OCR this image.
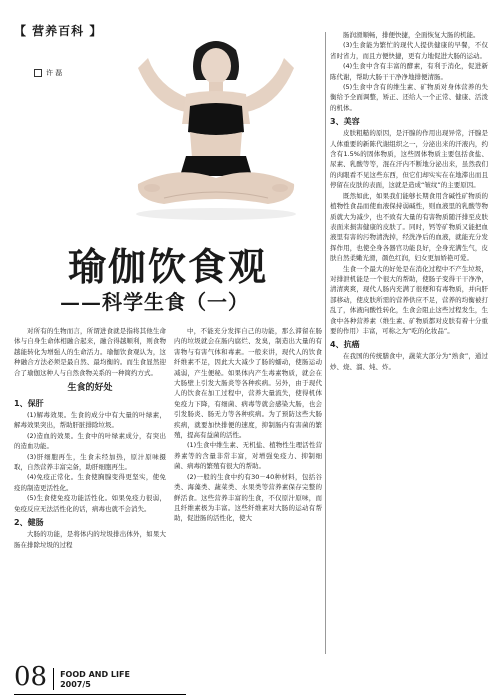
【 营养百科 】
许 磊
瑜伽饮食观
——科学生食（一）

对所有的生物而言，所谓进食就是指将其他生命体与自身生命体相融合起来，融合得越顺利，则食物越能转化为增强人的生命活力。瑜伽饮食观认为，这种融合方法必须是最自然、最均衡的。而生食显然迎合了瑜伽这种人与自然食物关系的一种简约方式。

生食的好处

1、保肝

(1)解毒效果。生食的成分中有大量的叶绿素，解毒效果突出，帮助肝脏排除垃圾。

(2)造血的效果。生食中的叶绿素成分，有突出的造血功能。

(3)肝细胞再生，生食未经加热，原汁原味摄取，自然营养丰富完备，助肝细胞再生。

(4)免疫正常化。生食使胸腺变得更坚实，使免疫的制造更活性化。

(5)生食使免疫功能活性化。如果免疫力很弱，免疫反应无法活性化的话，病毒也就不会消失。

2、健肠

大肠的功能，是将体内的垃圾排出体外，如果大肠在排除垃圾的过程

中，不能充分发挥自己的功能，那么滞留在肠内的垃圾就会在肠内腐烂、发臭，制造出大量的有害物与有害气体和毒素。一般来讲，现代人的饮食纤维素不足，因此大大减少了肠的蠕动，使肠运动减弱，产生便秘。如果体内产生毒素物质，就会在大肠壁上引发大肠炎等各种疾病。另外，由于现代人的饮食在加工过程中，营养大量流失，使得机体免疫力下降，有细菌、病毒等就会感染大肠，也会引发肠炎、肠无力等各种疾病。为了预防这些大肠疾病，就要加快排便的速度，抑制肠内有害菌的繁殖，提高有益菌的活性。

(1)生食中维生素、无机盐、植物性生理活性营养素等的含量非常丰富，对增强免疫力、抑制细菌、病毒的繁殖有很大的帮助。

(2)一般的生食中约有30－40种材料，包括谷类、海藻类、蔬菜类、水果类等营养素保存完整的鲜活食。这些营养丰富的生食，不仅原汁原味，而且纤维素极为丰富。这些纤维素对大肠的运动有帮助，促进肠的活性化，使大

肠润滑顺畅，排便快捷，全面恢复大肠的机能。

(3)生食能为繁忙的现代人提供健康的早餐，不仅省时省力，而且方便快捷，更有力地促进大肠的运动。

(4)生食中含有丰富的酵素，有利于消化，促进新陈代谢，帮助大肠干干净净地排便清肠。

(5)生食中含有的维生素、矿物质对身体营养的失衡给予全面调整，矫正、还给人一个正常、健康、活泼的机体。

3、美容

皮肤粗糙的原因，是汗腺的作用出现异常，汗腺是人体重要的新陈代谢组织之一，分泌出来的汗液内，约含有1.5%的固体物质，这些固体物质主要包括食盐、尿素、乳酸等等，混在汗内不断地分泌出来，虽然我们的肉眼看不见这些东西，但它们却实实在在地滞出而且停留在皮肤的表面，这就是造成“皱纹”的主要原因。

既然如此，如果我们能够长期食用含碱性矿物质的植物性食品而使血液保持弱碱性，则血液里的乳酸等物质就大为减少，也不致有大量的有害物质随汗排至皮肤表面来损害健康的皮肤了。同时，钙等矿物质又能把血液里有害的污物清洗掉，经洗净后的血液，就能充分发挥作用，也使全身各器官功能良好，全身充满生气，皮肤自然柔嫩光滑，颜色红润，妇女更加娇艳可爱。

生食一个最大的好处是在消化过程中不产生垃圾，对排泄机能是一个很大的帮助，使肠子变得干干净净，清清爽爽，现代人肠内充满了很便和有毒物质，并向肝部移动，使皮肤所需的营养供应不足，营养的均衡被打乱了，体液向酸性转化，生食会阻止这些过程发生，生食中各种营养素（维生素、矿物质都对皮肤有着十分重要的作用）丰富，可称之为“吃的化妆品”。

4、抗癌

在我国的传统膳食中，蔬菜大部分为“熟食”，通过炒、烧、溜、炖、炸。

08 FOOD AND LIFE
2007/5
